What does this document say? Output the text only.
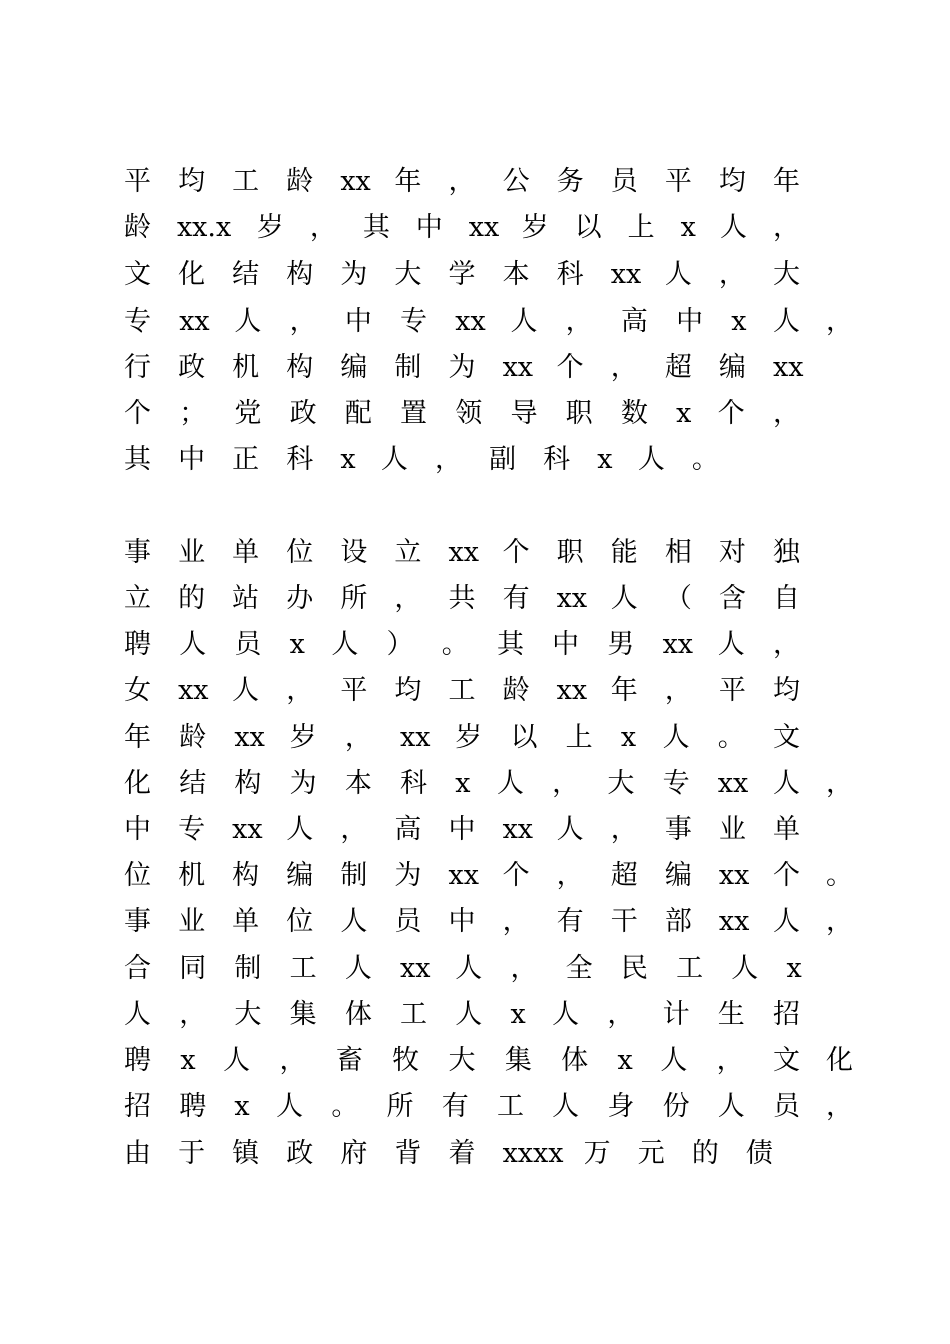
平 均 工 龄 xx 年 ， 公 务 员 平 均 年
龄 xx.x 岁 ， 其 中 xx 岁 以 上 x 人 ，
文 化 结 构 为 大 学 本 科 xx 人 ， 大
专 xx 人 ， 中 专 xx 人 ， 高 中 x 人 ，
行 政 机 构 编 制 为 xx 个 ， 超 编 xx
个 ； 党 政 配 置 领 导 职 数 x 个 ，
其 中 正 科 x 人 ， 副 科 x 人 。
事 业 单 位 设 立 xx 个 职 能 相 对 独
立 的 站 办 所 ， 共 有 xx 人 （ 含 自
聘 人 员 x 人 ） 。 其 中 男 xx 人 ，
女 xx 人 ， 平 均 工 龄 xx 年 ， 平 均
年 龄 xx 岁 ， xx 岁 以 上 x 人 。 文
化 结 构 为 本 科 x 人 ， 大 专 xx 人 ，
中 专 xx 人 ， 高 中 xx 人 ， 事 业 单
位 机 构 编 制 为 xx 个 ， 超 编 xx 个 。
事 业 单 位 人 员 中 ， 有 干 部 xx 人 ，
合 同 制 工 人 xx 人 ， 全 民 工 人 x
人 ， 大 集 体 工 人 x 人 ， 计 生 招
聘 x 人 ， 畜 牧 大 集 体 x 人 ， 文 化
招 聘 x 人 。 所 有 工 人 身 份 人 员 ，
由 于 镇 政 府 背 着 xxxx 万 元 的 债
